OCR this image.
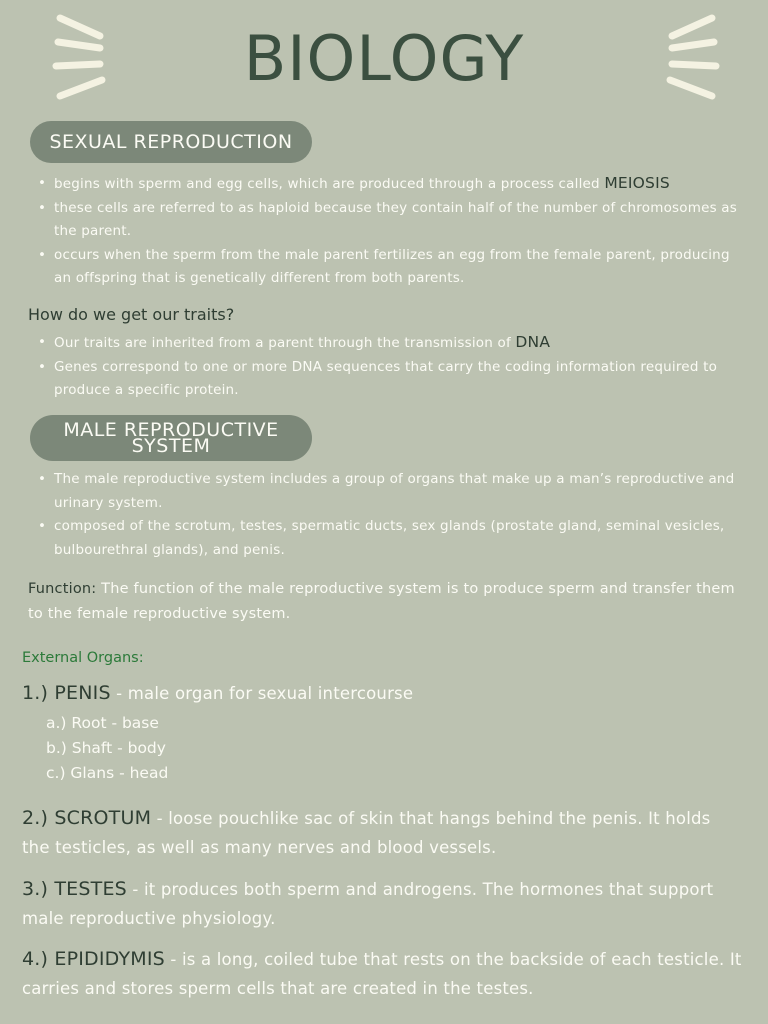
BIOLOGY
SEXUAL REPRODUCTION
• begins with sperm and egg cells, which are produced through a process called MEIOSIS
• these cells are referred to as haploid because they contain half of the number of chromosomes as the parent.
• occurs when the sperm from the male parent fertilizes an egg from the female parent, producing an offspring that is genetically different from both parents.
How do we get our traits?
• Our traits are inherited from a parent through the transmission of DNA
• Genes correspond to one or more DNA sequences that carry the coding information required to produce a specific protein.
MALE REPRODUCTIVE
SYSTEM
• The male reproductive system includes a group of organs that make up a man’s reproductive and urinary system.
• composed of the scrotum, testes, spermatic ducts, sex glands (prostate gland, seminal vesicles, bulbourethral glands), and penis.
Function: The function of the male reproductive system is to produce sperm and transfer them to the female reproductive system.
External Organs:
1.) PENIS - male organ for sexual intercourse
a.) Root - base
b.) Shaft - body
c.) Glans - head
2.) SCROTUM - loose pouchlike sac of skin that hangs behind the penis. It holds the testicles, as well as many nerves and blood vessels.
3.) TESTES - it produces both sperm and androgens. The hormones that support male reproductive physiology.
4.) EPIDIDYMIS - is a long, coiled tube that rests on the backside of each testicle. It carries and stores sperm cells that are created in the testes.
